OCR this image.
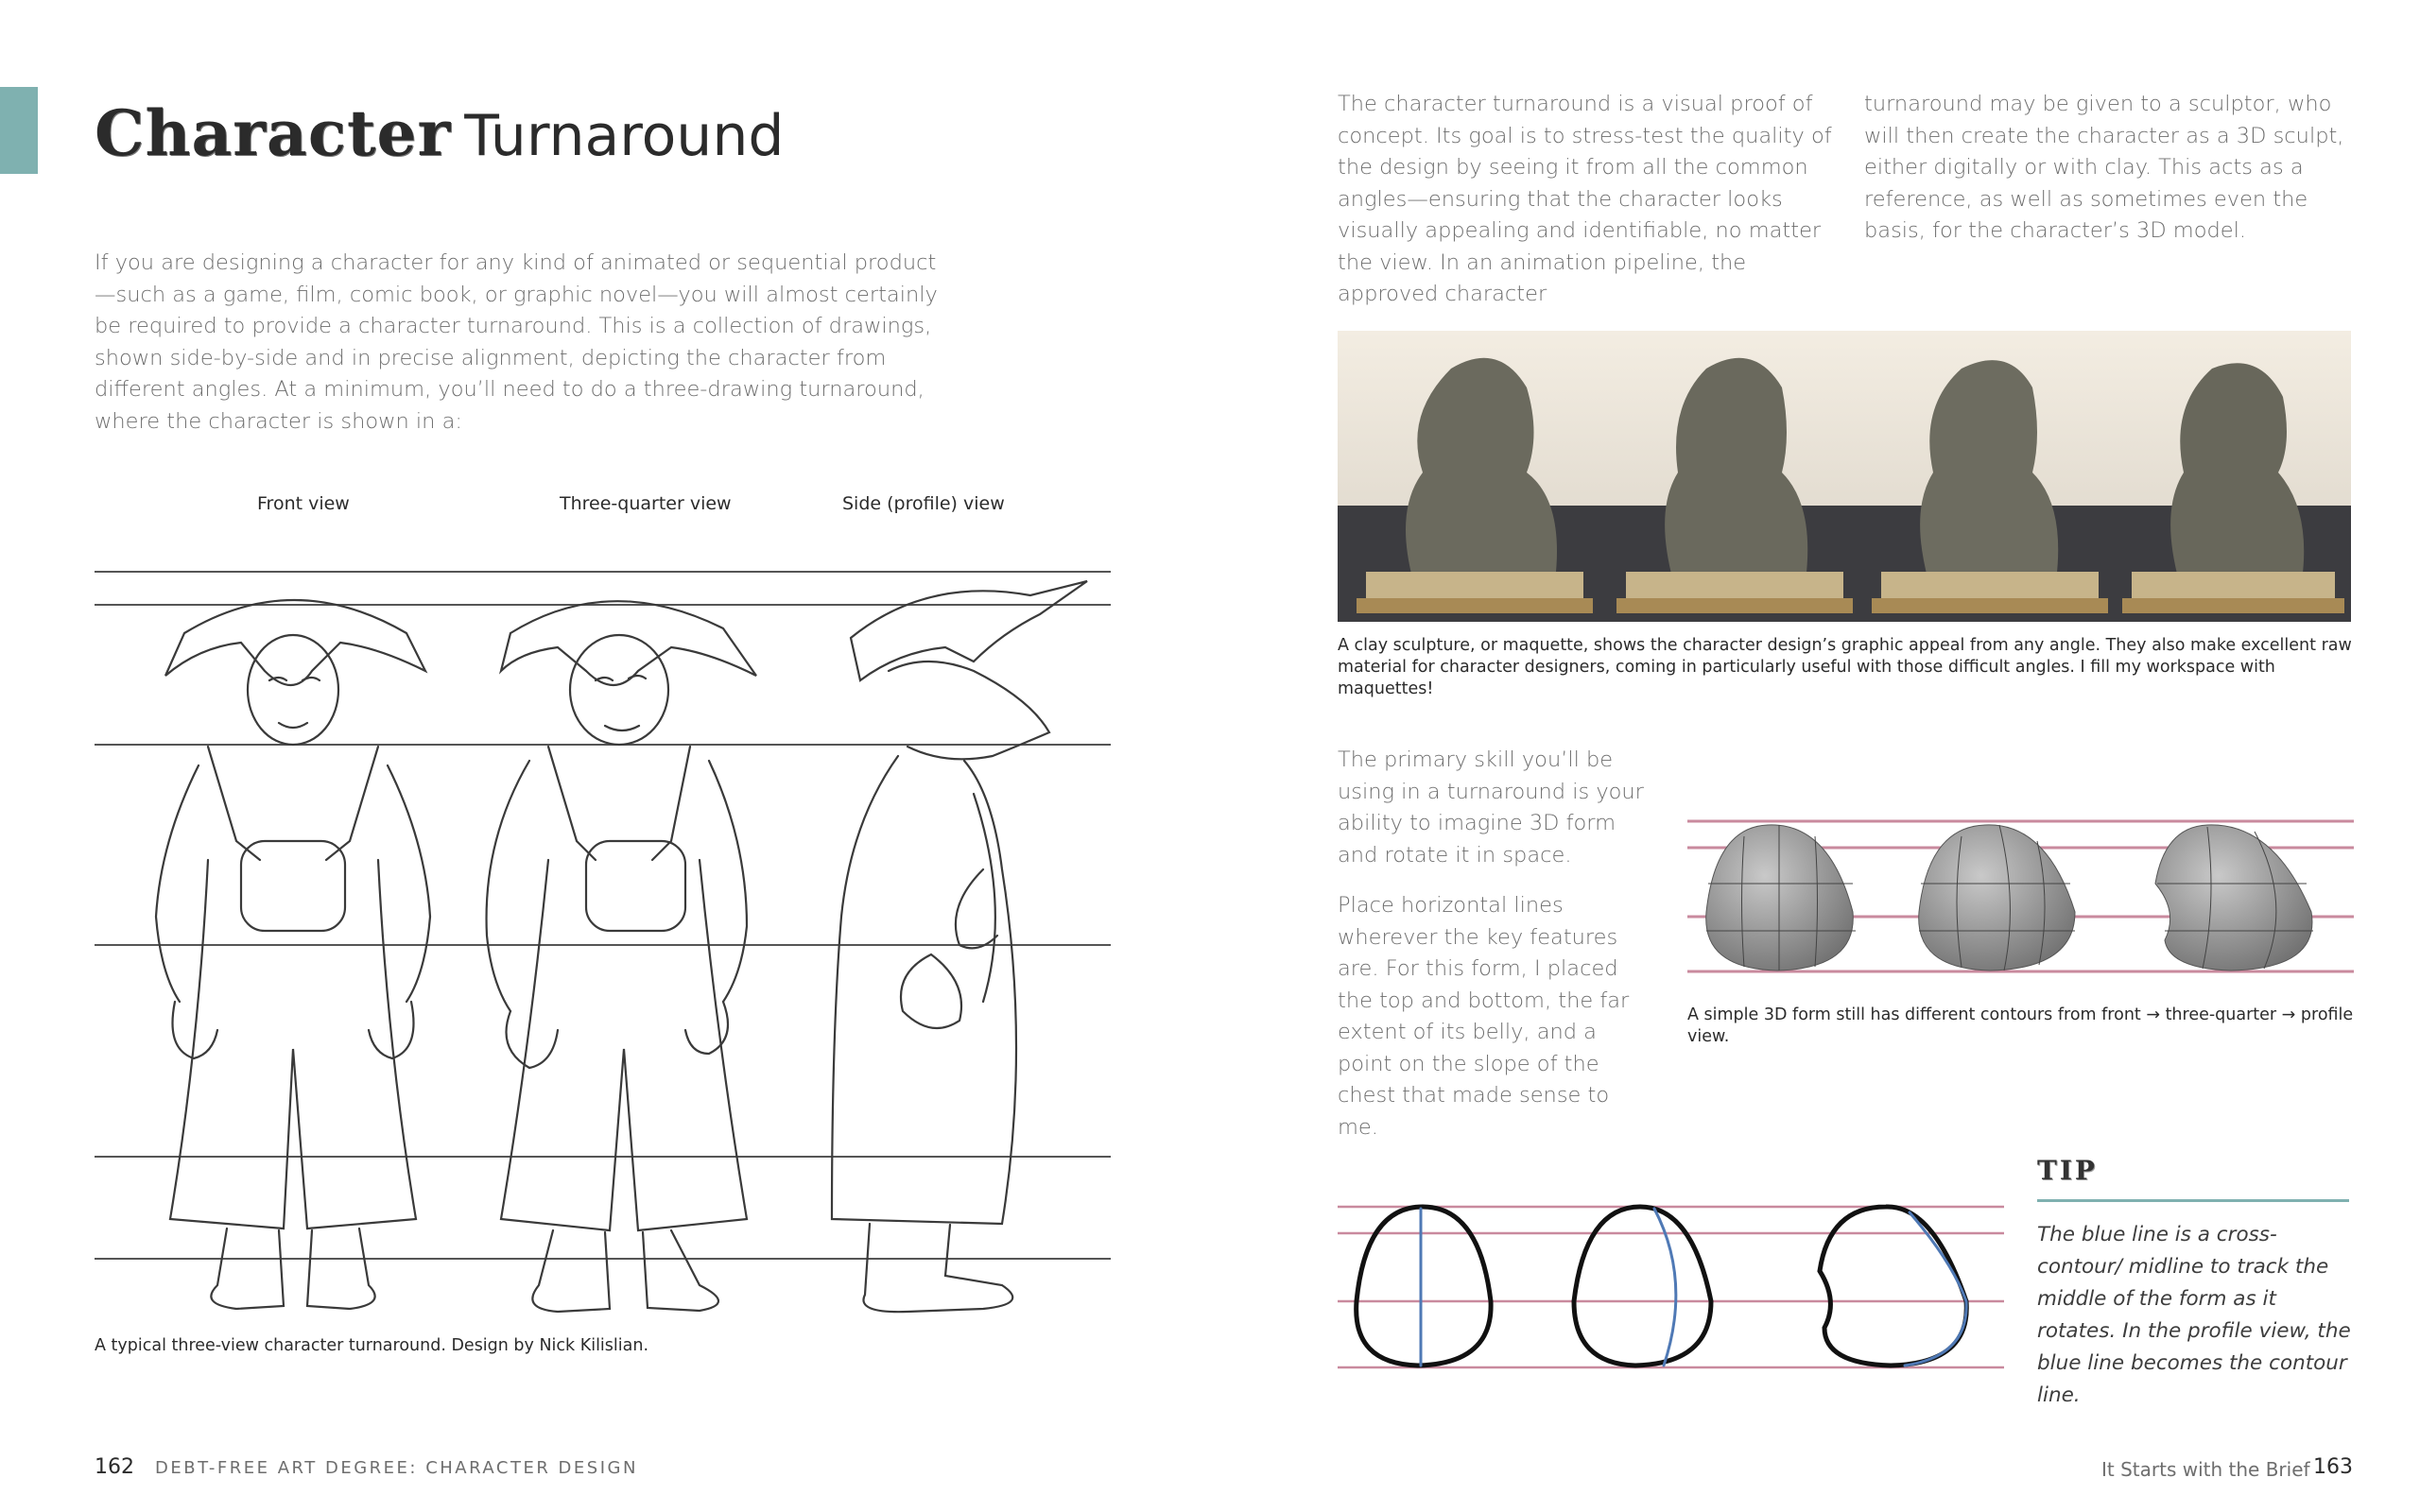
Character Turnaround

If you are designing a character for any kind of animated or sequential product—such as a game, film, comic book, or graphic novel—you will almost certainly be required to provide a character turnaround. This is a collection of drawings, shown side-by-side and in precise alignment, depicting the character from different angles. At a minimum, you’ll need to do a three-drawing turnaround, where the character is shown in a:

Front view	Three-quarter view	Side (profile) view
A typical three-view character turnaround. Design by Nick Kilislian.
162 DEBT-FREE ART DEGREE: CHARACTER DESIGN

The character turnaround is a visual proof of concept. Its goal is to stress-test the quality of the design by seeing it from all the common angles—ensuring that the character looks visually appealing and identifiable, no matter the view. In an animation pipeline, the approved character

turnaround may be given to a sculptor, who will then create the character as a 3D sculpt, either digitally or with clay. This acts as a reference, as well as sometimes even the basis, for the character’s 3D model.

A clay sculpture, or maquette, shows the character design’s graphic appeal from any angle. They also make excellent raw material for character designers, coming in particularly useful with those difficult angles. I fill my workspace with maquettes!

The primary skill you’ll be using in a turnaround is your ability to imagine 3D form and rotate it in space.

Place horizontal lines wherever the key features are. For this form, I placed the top and bottom, the far extent of its belly, and a point on the slope of the chest that made sense to me.

A simple 3D form still has different contours from front → three-quarter → profile view.
TIP

The blue line is a cross-contour/ midline to track the middle of the form as it rotates. In the profile view, the blue line becomes the contour line.

It Starts with the Brief 163
